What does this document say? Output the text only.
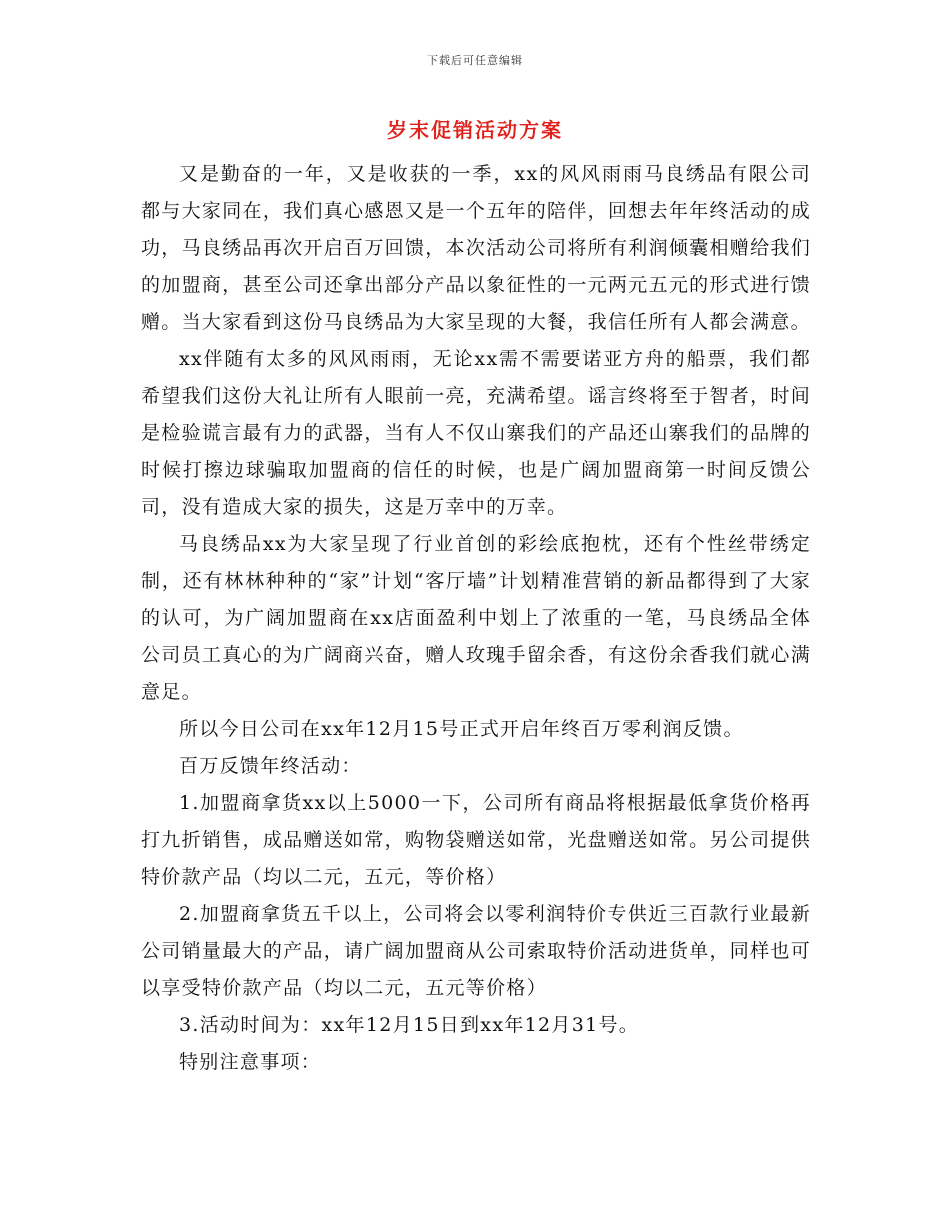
下载后可任意编辑
岁末促销活动方案

又是勤奋的一年，又是收获的一季，xx的风风雨雨马良绣品有限公司都与大家同在，我们真心感恩又是一个五年的陪伴，回想去年年终活动的成功，马良绣品再次开启百万回馈，本次活动公司将所有利润倾囊相赠给我们的加盟商，甚至公司还拿出部分产品以象征性的一元两元五元的形式进行馈赠。当大家看到这份马良绣品为大家呈现的大餐，我信任所有人都会满意。

xx伴随有太多的风风雨雨，无论xx需不需要诺亚方舟的船票，我们都希望我们这份大礼让所有人眼前一亮，充满希望。谣言终将至于智者，时间是检验谎言最有力的武器，当有人不仅山寨我们的产品还山寨我们的品牌的时候打擦边球骗取加盟商的信任的时候，也是广阔加盟商第一时间反馈公司，没有造成大家的损失，这是万幸中的万幸。

马良绣品xx为大家呈现了行业首创的彩绘底抱枕，还有个性丝带绣定制，还有林林种种的“家”计划“客厅墙”计划精准营销的新品都得到了大家的认可，为广阔加盟商在xx店面盈利中划上了浓重的一笔，马良绣品全体公司员工真心的为广阔商兴奋，赠人玫瑰手留余香，有这份余香我们就心满意足。

所以今日公司在xx年12月15号正式开启年终百万零利润反馈。

百万反馈年终活动：

1.加盟商拿货xx以上5000一下，公司所有商品将根据最低拿货价格再打九折销售，成品赠送如常，购物袋赠送如常，光盘赠送如常。另公司提供特价款产品（均以二元，五元，等价格）

2.加盟商拿货五千以上，公司将会以零利润特价专供近三百款行业最新公司销量最大的产品，请广阔加盟商从公司索取特价活动进货单，同样也可以享受特价款产品（均以二元，五元等价格）

3.活动时间为：xx年12月15日到xx年12月31号。

特别注意事项：
